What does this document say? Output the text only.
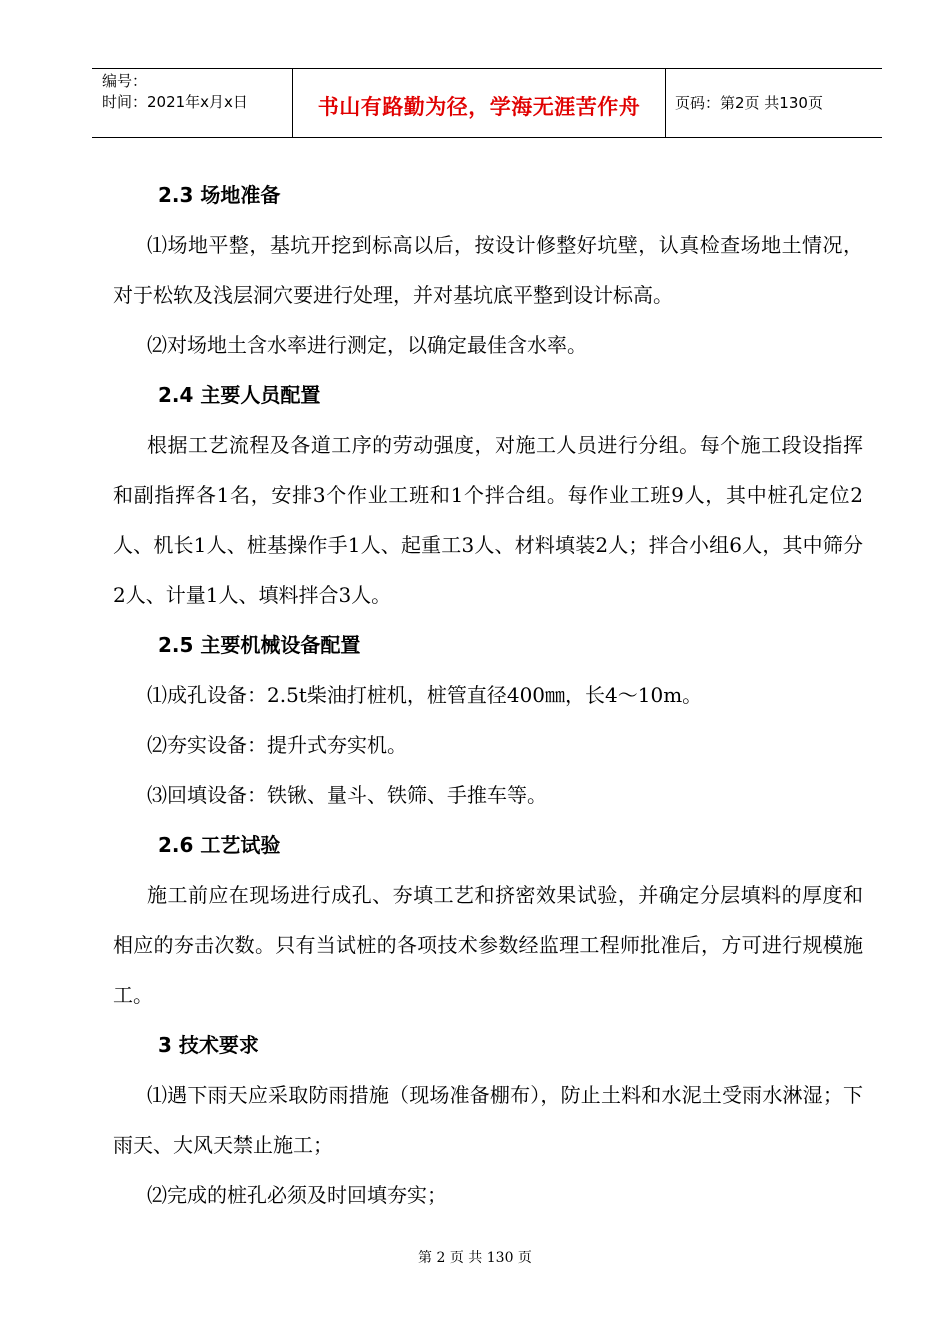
编号：
时间：2021年x月x日	书山有路勤为径，学海无涯苦作舟	页码：第2页 共130页
2.3 场地准备

⑴场地平整，基坑开挖到标高以后，按设计修整好坑壁，认真检查场地土情况，对于松软及浅层洞穴要进行处理，并对基坑底平整到设计标高。

⑵对场地土含水率进行测定，以确定最佳含水率。

2.4 主要人员配置

根据工艺流程及各道工序的劳动强度，对施工人员进行分组。每个施工段设指挥和副指挥各1名，安排3个作业工班和1个拌合组。每作业工班9人，其中桩孔定位2人、机长1人、桩基操作手1人、起重工3人、材料填装2人；拌合小组6人，其中筛分2人、计量1人、填料拌合3人。

2.5 主要机械设备配置

⑴成孔设备：2.5t柴油打桩机，桩管直径400㎜，长4～10m。

⑵夯实设备：提升式夯实机。

⑶回填设备：铁锹、量斗、铁筛、手推车等。

2.6 工艺试验

施工前应在现场进行成孔、夯填工艺和挤密效果试验，并确定分层填料的厚度和相应的夯击次数。只有当试桩的各项技术参数经监理工程师批准后，方可进行规模施工。

3 技术要求

⑴遇下雨天应采取防雨措施（现场准备棚布），防止土料和水泥土受雨水淋湿；下雨天、大风天禁止施工；

⑵完成的桩孔必须及时回填夯实；

第 2 页 共 130 页
